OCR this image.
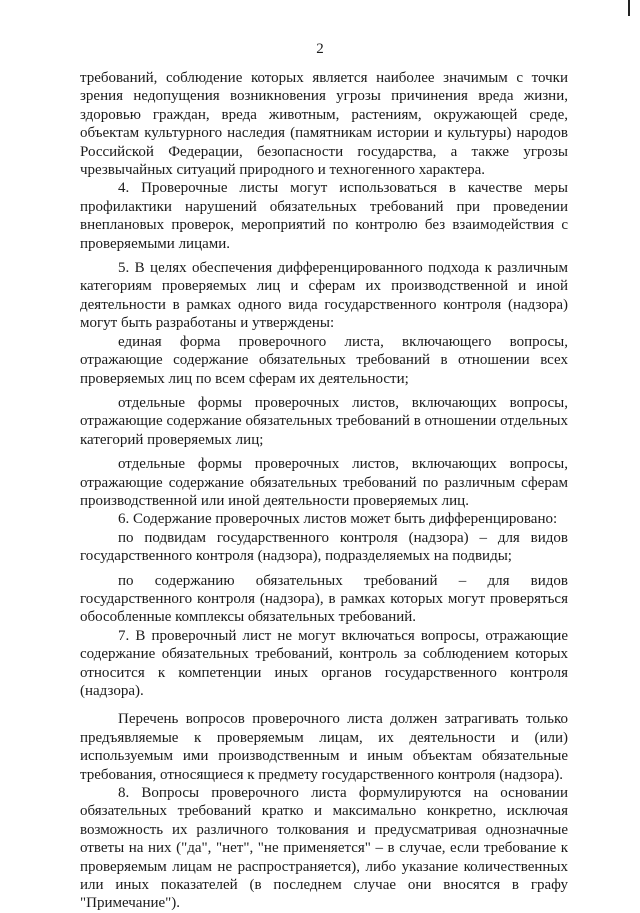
2

требований, соблюдение которых является наиболее значимым с точки зрения недопущения возникновения угрозы причинения вреда жизни, здоровью граждан, вреда животным, растениям, окружающей среде, объектам культурного наследия (памятникам истории и культуры) народов Российской Федерации, безопасности государства, а также угрозы чрезвычайных ситуаций природного и техногенного характера.

4. Проверочные листы могут использоваться в качестве меры профилактики нарушений обязательных требований при проведении внеплановых проверок, мероприятий по контролю без взаимодействия с проверяемыми лицами.

5. В целях обеспечения дифференцированного подхода к различным категориям проверяемых лиц и сферам их производственной и иной деятельности в рамках одного вида государственного контроля (надзора) могут быть разработаны и утверждены:

единая форма проверочного листа, включающего вопросы, отражающие содержание обязательных требований в отношении всех проверяемых лиц по всем сферам их деятельности;

отдельные формы проверочных листов, включающих вопросы, отражающие содержание обязательных требований в отношении отдельных категорий проверяемых лиц;

отдельные формы проверочных листов, включающих вопросы, отражающие содержание обязательных требований по различным сферам производственной или иной деятельности проверяемых лиц.

6. Содержание проверочных листов может быть дифференцировано:

по подвидам государственного контроля (надзора) – для видов государственного контроля (надзора), подразделяемых на подвиды;

по содержанию обязательных требований – для видов государственного контроля (надзора), в рамках которых могут проверяться обособленные комплексы обязательных требований.

7. В проверочный лист не могут включаться вопросы, отражающие содержание обязательных требований, контроль за соблюдением которых относится к компетенции иных органов государственного контроля (надзора).

Перечень вопросов проверочного листа должен затрагивать только предъявляемые к проверяемым лицам, их деятельности и (или) используемым ими производственным и иным объектам обязательные требования, относящиеся к предмету государственного контроля (надзора).

8. Вопросы проверочного листа формулируются на основании обязательных требований кратко и максимально конкретно, исключая возможность их различного толкования и предусматривая однозначные ответы на них ("да", "нет", "не применяется" – в случае, если требование к проверяемым лицам не распространяется), либо указание количественных или иных показателей (в последнем случае они вносятся в графу "Примечание").
